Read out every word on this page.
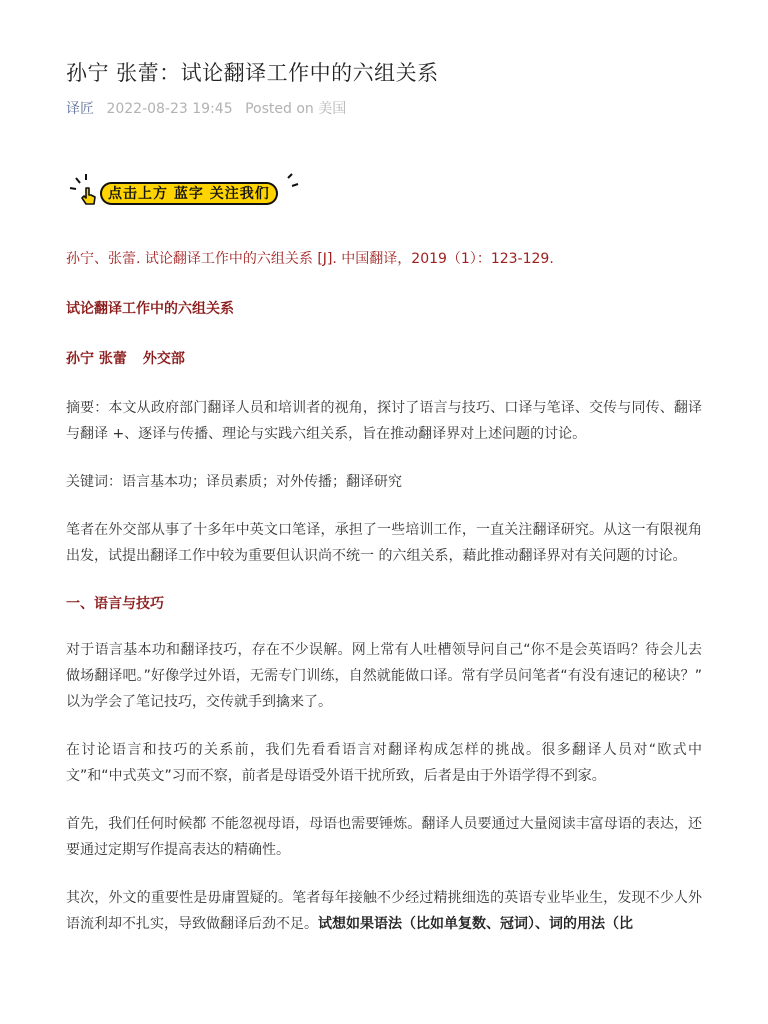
孙宁 张蕾：试论翻译工作中的六组关系
译匠 2022-08-23 19:45 Posted on 美国
点击上方 蓝字 关注我们
孙宁、张蕾. 试论翻译工作中的六组关系 [J]. 中国翻译，2019（1）：123-129.
试论翻译工作中的六组关系
孙宁 张蕾 外交部

摘要：本文从政府部门翻译人员和培训者的视角，探讨了语言与技巧、口译与笔译、交传与同传、翻译与翻译 +、逐译与传播、理论与实践六组关系，旨在推动翻译界对上述问题的讨论。

关键词：语言基本功；译员素质；对外传播；翻译研究

笔者在外交部从事了十多年中英文口笔译，承担了一些培训工作，一直关注翻译研究。从这一有限视角出发，试提出翻译工作中较为重要但认识尚不统一 的六组关系，藉此推动翻译界对有关问题的讨论。

一、语言与技巧

对于语言基本功和翻译技巧，存在不少误解。网上常有人吐槽领导问自己“你不是会英语吗？待会儿去做场翻译吧。”好像学过外语，无需专门训练，自然就能做口译。常有学员问笔者“有没有速记的秘诀？” 以为学会了笔记技巧，交传就手到擒来了。

在讨论语言和技巧的关系前，我们先看看语言对翻译构成怎样的挑战。很多翻译人员对“欧式中文”和“中式英文”习而不察，前者是母语受外语干扰所致，后者是由于外语学得不到家。

首先，我们任何时候都 不能忽视母语，母语也需要锤炼。翻译人员要通过大量阅读丰富母语的表达，还要通过定期写作提高表达的精确性。

其次，外文的重要性是毋庸置疑的。笔者每年接触不少经过精挑细选的英语专业毕业生，发现不少人外语流利却不扎实，导致做翻译后劲不足。试想如果语法（比如单复数、冠词）、词的用法（比
